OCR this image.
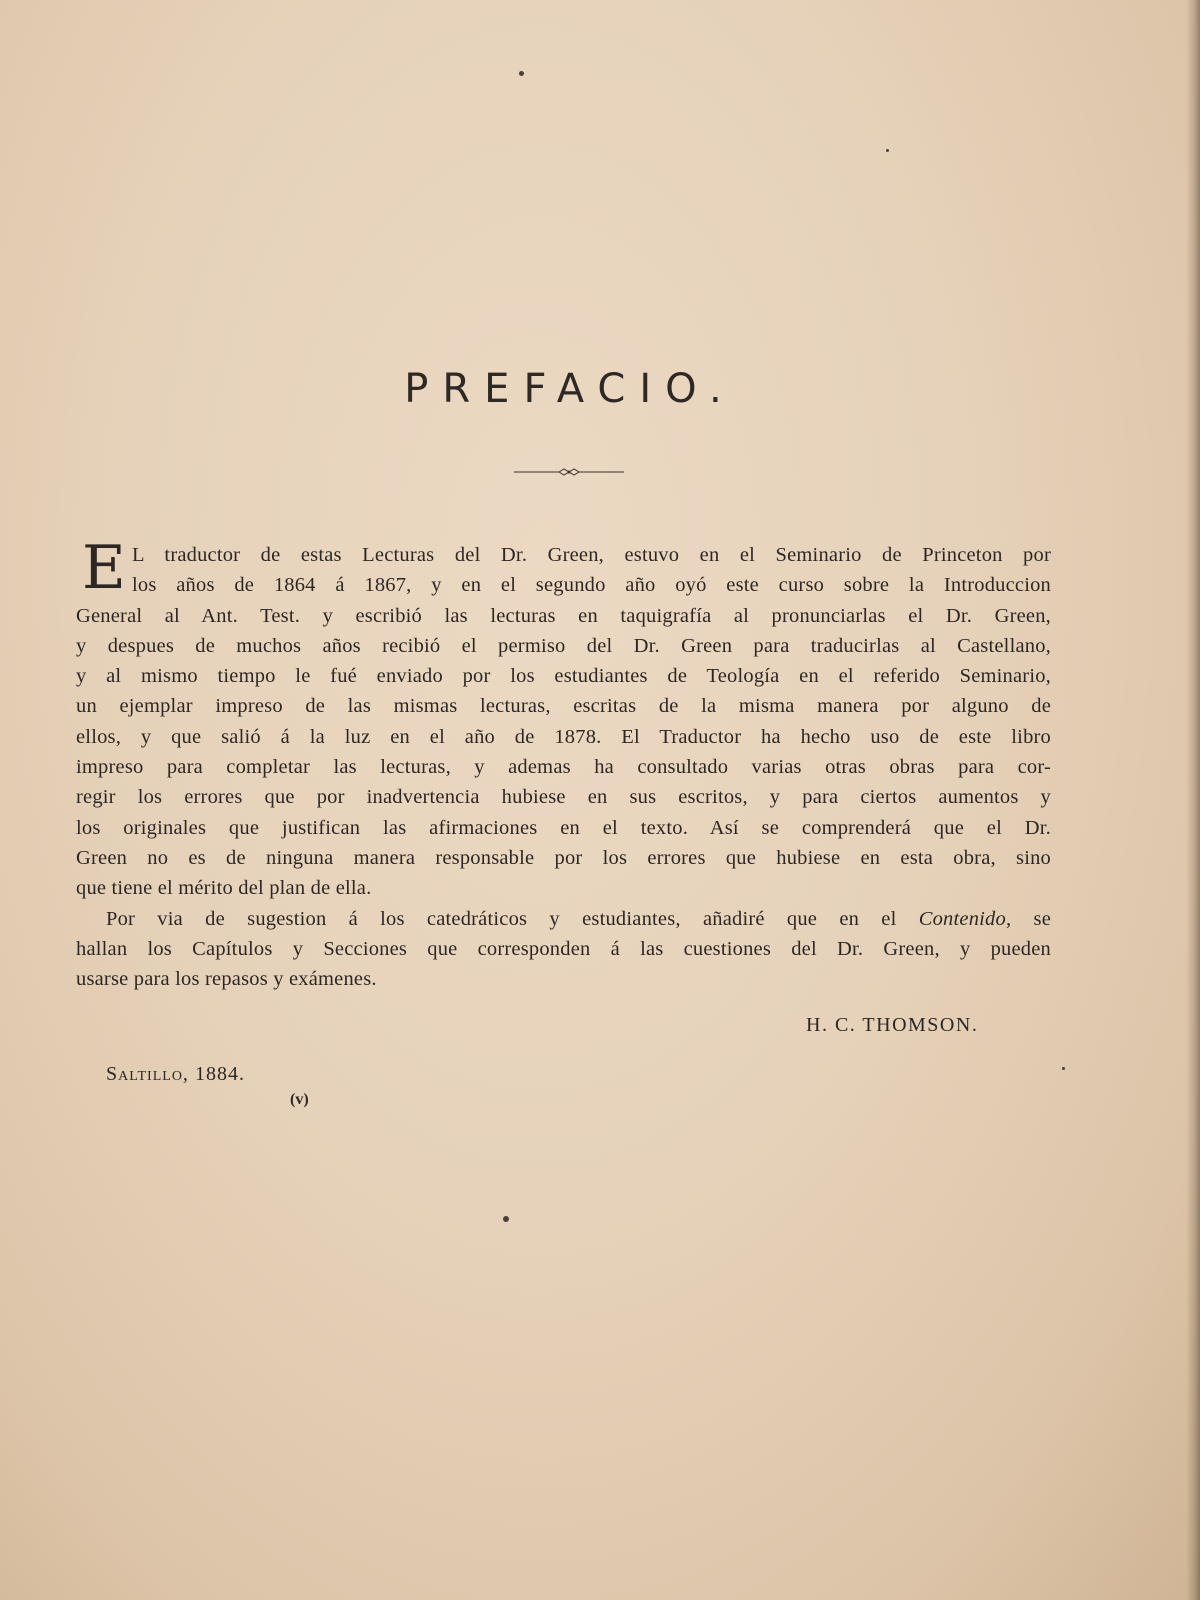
PREFACIO.
E L traductor de estas Lecturas del Dr. Green, estuvo en el Seminario de Princeton por
los años de 1864 á 1867, y en el segundo año oyó este curso sobre la Introduccion
General al Ant. Test. y escribió las lecturas en taquigrafía al pronunciarlas el Dr. Green,
y despues de muchos años recibió el permiso del Dr. Green para traducirlas al Castellano,
y al mismo tiempo le fué enviado por los estudiantes de Teología en el referido Seminario,
un ejemplar impreso de las mismas lecturas, escritas de la misma manera por alguno de
ellos, y que salió á la luz en el año de 1878. El Traductor ha hecho uso de este libro
impreso para completar las lecturas, y ademas ha consultado varias otras obras para cor-
regir los errores que por inadvertencia hubiese en sus escritos, y para ciertos aumentos y
los originales que justifican las afirmaciones en el texto. Así se comprenderá que el Dr.
Green no es de ninguna manera responsable por los errores que hubiese en esta obra, sino
que tiene el mérito del plan de ella.
Por via de sugestion á los catedráticos y estudiantes, añadiré que en el Contenido, se
hallan los Capítulos y Secciones que corresponden á las cuestiones del Dr. Green, y pueden
usarse para los repasos y exámenes.
H. C. THOMSON.
Saltillo, 1884.
(v)
